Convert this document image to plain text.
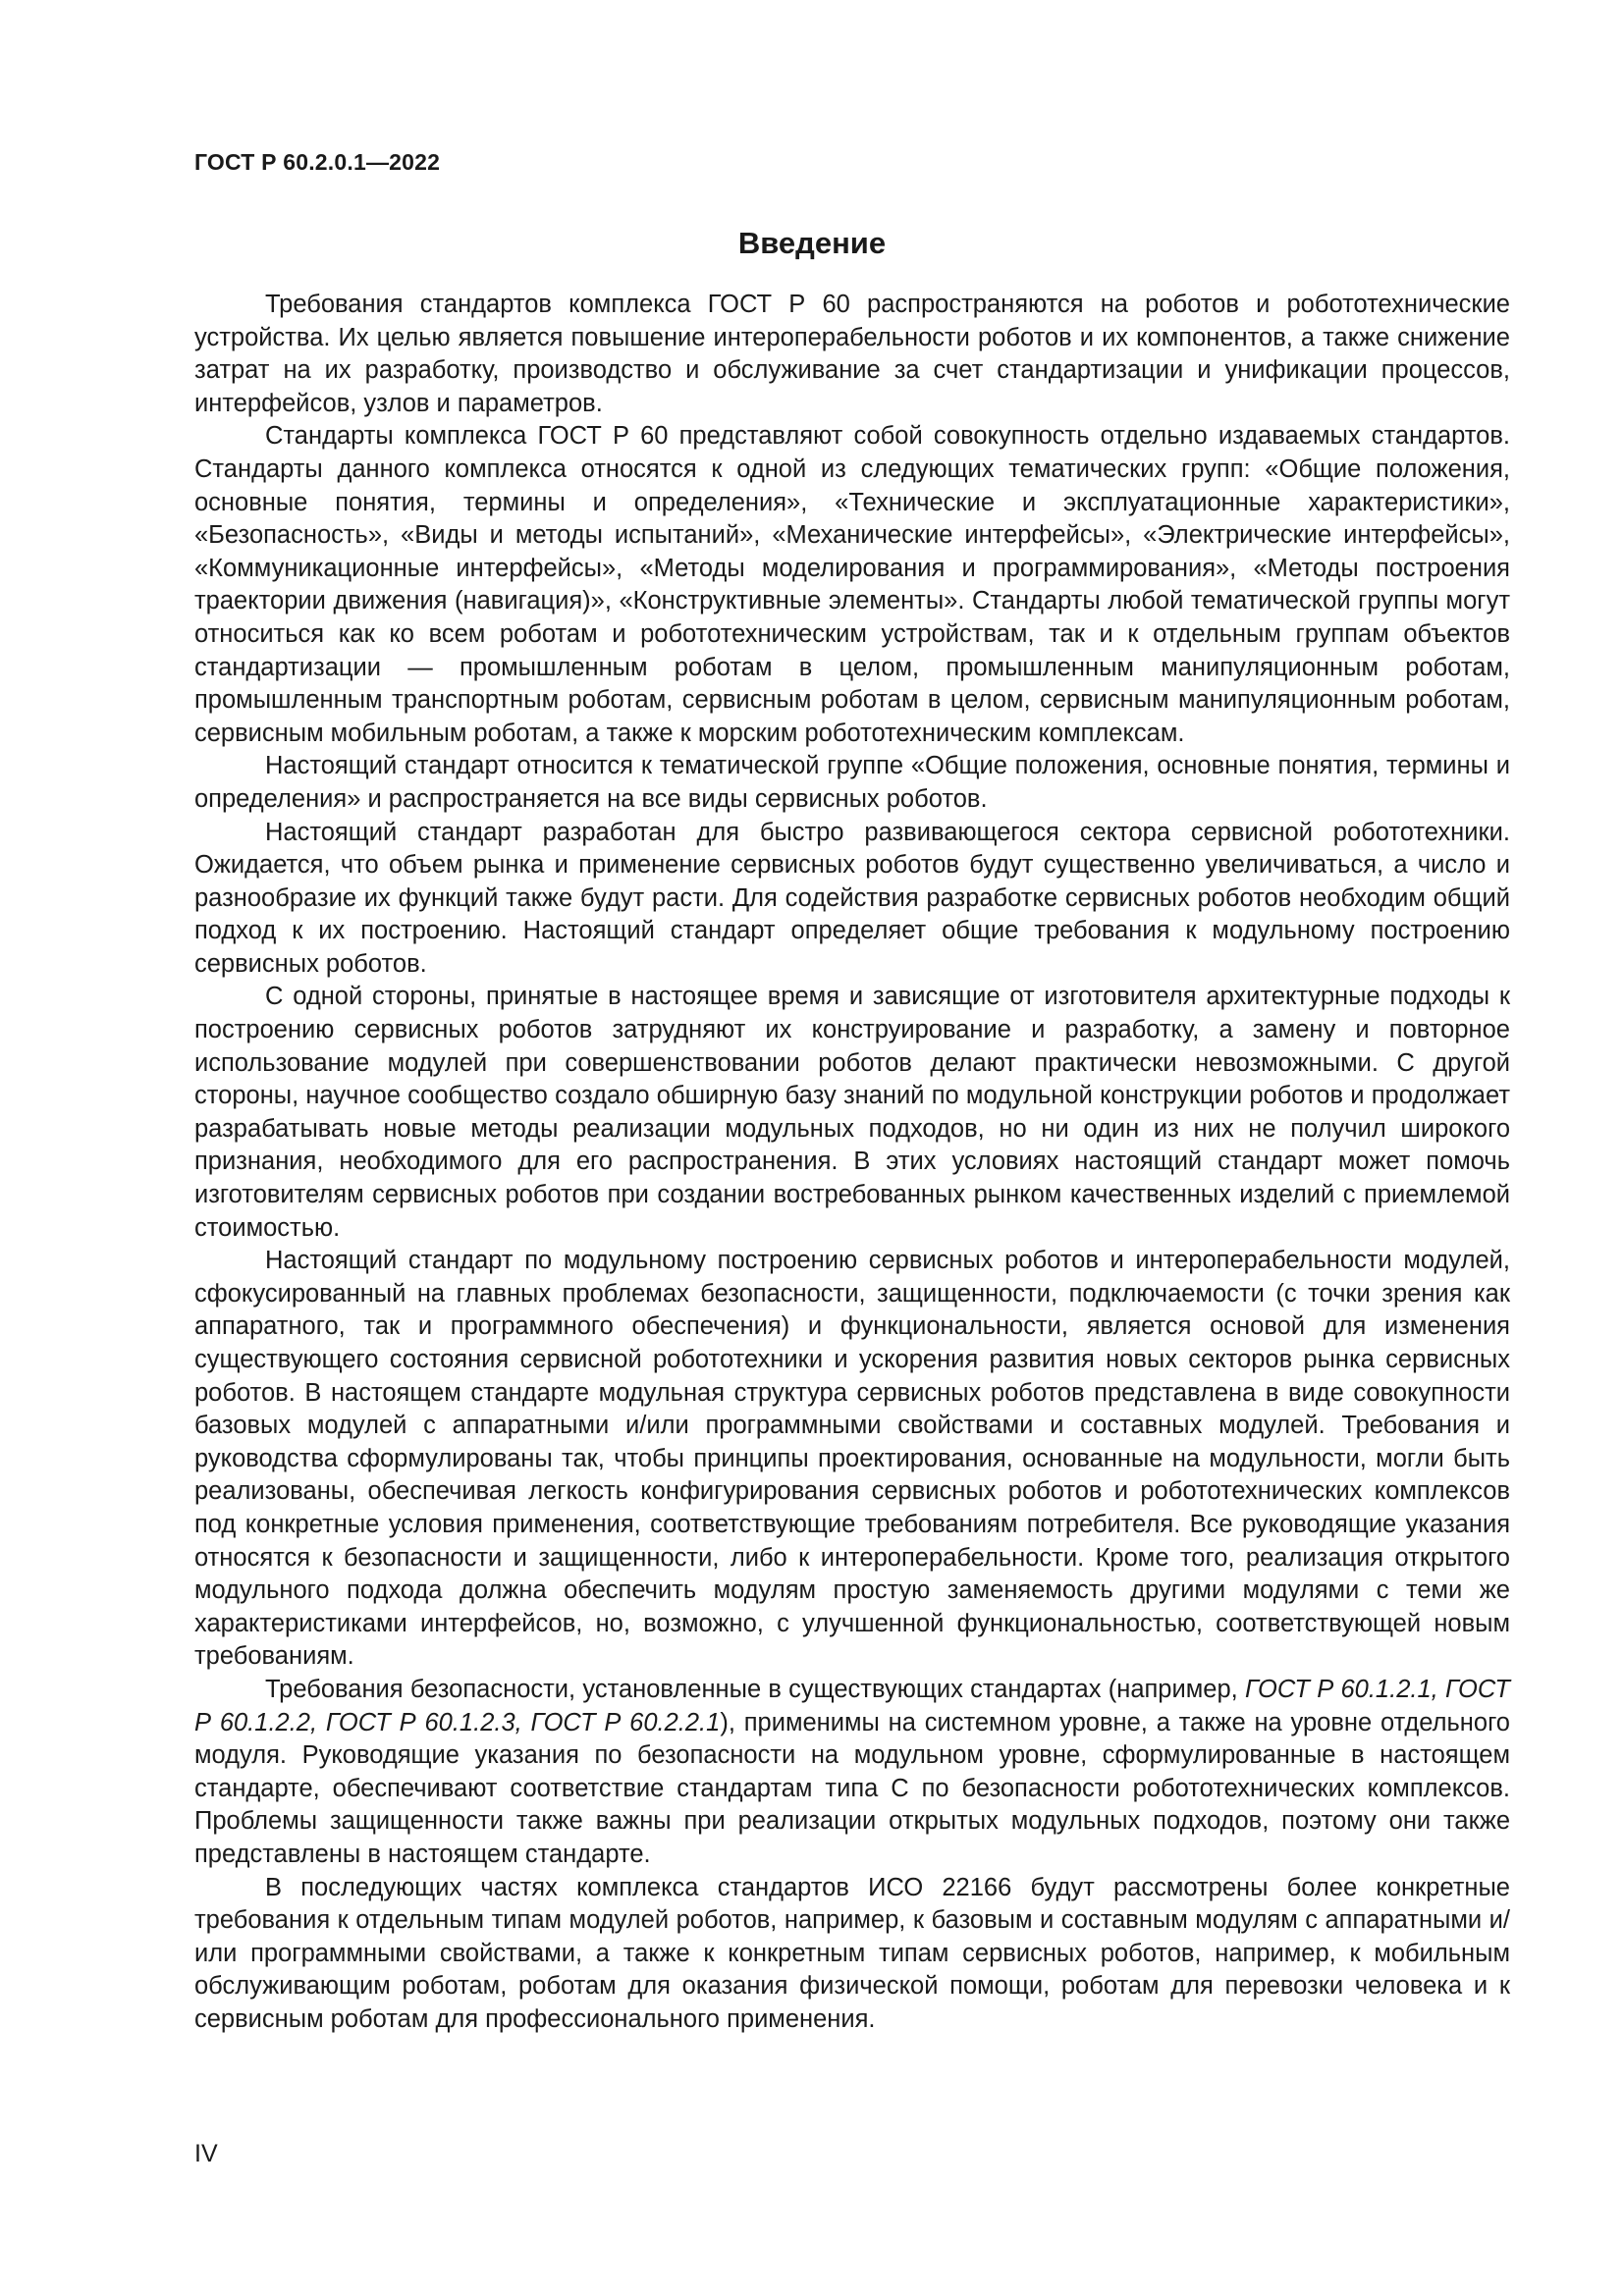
ГОСТ Р 60.2.0.1—2022
Введение

Требования стандартов комплекса ГОСТ Р 60 распространяются на роботов и робототехнические устройства. Их целью является повышение интероперабельности роботов и их компонентов, а также снижение затрат на их разработку, производство и обслуживание за счет стандартизации и унификации процессов, интерфейсов, узлов и параметров.

Стандарты комплекса ГОСТ Р 60 представляют собой совокупность отдельно издаваемых стандартов. Стандарты данного комплекса относятся к одной из следующих тематических групп: «Общие положения, основные понятия, термины и определения», «Технические и эксплуатационные характеристики», «Безопасность», «Виды и методы испытаний», «Механические интерфейсы», «Электрические интерфейсы», «Коммуникационные интерфейсы», «Методы моделирования и программирования», «Методы построения траектории движения (навигация)», «Конструктивные элементы». Стандарты любой тематической группы могут относиться как ко всем роботам и робототехническим устройствам, так и к отдельным группам объектов стандартизации — промышленным роботам в целом, промышленным манипуляционным роботам, промышленным транспортным роботам, сервисным роботам в целом, сервисным манипуляционным роботам, сервисным мобильным роботам, а также к морским робототехническим комплексам.

Настоящий стандарт относится к тематической группе «Общие положения, основные понятия, термины и определения» и распространяется на все виды сервисных роботов.

Настоящий стандарт разработан для быстро развивающегося сектора сервисной робототехники. Ожидается, что объем рынка и применение сервисных роботов будут существенно увеличиваться, а число и разнообразие их функций также будут расти. Для содействия разработке сервисных роботов необходим общий подход к их построению. Настоящий стандарт определяет общие требования к модульному построению сервисных роботов.

С одной стороны, принятые в настоящее время и зависящие от изготовителя архитектурные подходы к построению сервисных роботов затрудняют их конструирование и разработку, а замену и повторное использование модулей при совершенствовании роботов делают практически невозможными. С другой стороны, научное сообщество создало обширную базу знаний по модульной конструкции роботов и продолжает разрабатывать новые методы реализации модульных подходов, но ни один из них не получил широкого признания, необходимого для его распространения. В этих условиях настоящий стандарт может помочь изготовителям сервисных роботов при создании востребованных рынком качественных изделий с приемлемой стоимостью.

Настоящий стандарт по модульному построению сервисных роботов и интероперабельности модулей, сфокусированный на главных проблемах безопасности, защищенности, подключаемости (с точки зрения как аппаратного, так и программного обеспечения) и функциональности, является основой для изменения существующего состояния сервисной робототехники и ускорения развития новых секторов рынка сервисных роботов. В настоящем стандарте модульная структура сервисных роботов представлена в виде совокупности базовых модулей с аппаратными и/или программными свойствами и составных модулей. Требования и руководства сформулированы так, чтобы принципы проектирования, основанные на модульности, могли быть реализованы, обеспечивая легкость конфигурирования сервисных роботов и робототехнических комплексов под конкретные условия применения, соответствующие требованиям потребителя. Все руководящие указания относятся к безопасности и защищенности, либо к интероперабельности. Кроме того, реализация открытого модульного подхода должна обеспечить модулям простую заменяемость другими модулями с теми же характеристиками интерфейсов, но, возможно, с улучшенной функциональностью, соответствующей новым требованиям.

Требования безопасности, установленные в существующих стандартах (например, ГОСТ Р 60.1.2.1, ГОСТ Р 60.1.2.2, ГОСТ Р 60.1.2.3, ГОСТ Р 60.2.2.1), применимы на системном уровне, а также на уровне отдельного модуля. Руководящие указания по безопасности на модульном уровне, сформулированные в настоящем стандарте, обеспечивают соответствие стандартам типа С по безопасности робототехнических комплексов. Проблемы защищенности также важны при реализации открытых модульных подходов, поэтому они также представлены в настоящем стандарте.

В последующих частях комплекса стандартов ИСО 22166 будут рассмотрены более конкретные требования к отдельным типам модулей роботов, например, к базовым и составным модулям с аппаратными и/или программными свойствами, а также к конкретным типам сервисных роботов, например, к мобильным обслуживающим роботам, роботам для оказания физической помощи, роботам для перевозки человека и к сервисным роботам для профессионального применения.

IV
